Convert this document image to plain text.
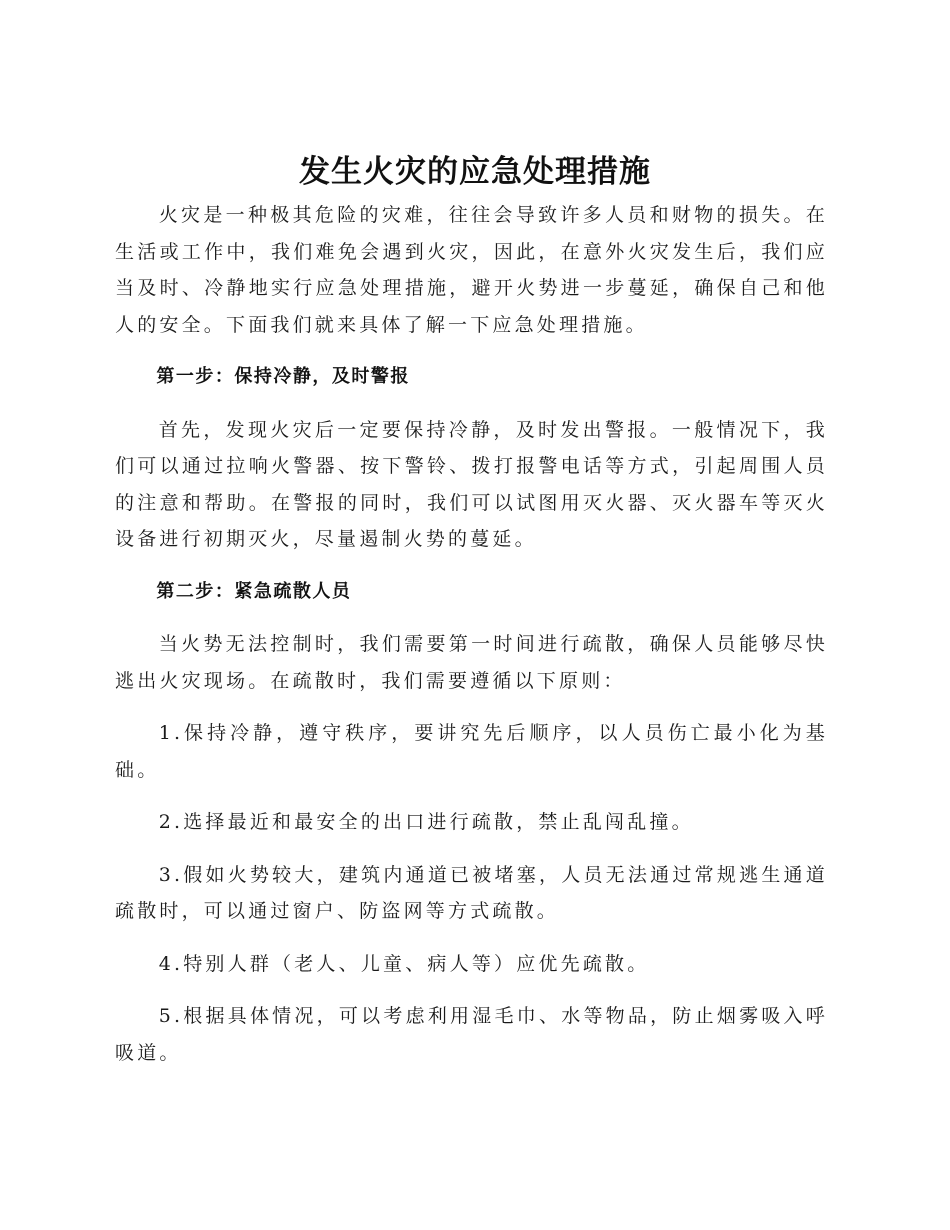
发生火灾的应急处理措施

火灾是一种极其危险的灾难，往往会导致许多人员和财物的损失。在生活或工作中，我们难免会遇到火灾，因此，在意外火灾发生后，我们应当及时、冷静地实行应急处理措施，避开火势进一步蔓延，确保自己和他人的安全。下面我们就来具体了解一下应急处理措施。

第一步：保持冷静，及时警报

首先，发现火灾后一定要保持冷静，及时发出警报。一般情况下，我们可以通过拉响火警器、按下警铃、拨打报警电话等方式，引起周围人员的注意和帮助。在警报的同时，我们可以试图用灭火器、灭火器车等灭火设备进行初期灭火，尽量遏制火势的蔓延。

第二步：紧急疏散人员

当火势无法控制时，我们需要第一时间进行疏散，确保人员能够尽快逃出火灾现场。在疏散时，我们需要遵循以下原则：

1.保持冷静，遵守秩序，要讲究先后顺序，以人员伤亡最小化为基础。

2.选择最近和最安全的出口进行疏散，禁止乱闯乱撞。

3.假如火势较大，建筑内通道已被堵塞，人员无法通过常规逃生通道疏散时，可以通过窗户、防盗网等方式疏散。

4.特别人群（老人、儿童、病人等）应优先疏散。

5.根据具体情况，可以考虑利用湿毛巾、水等物品，防止烟雾吸入呼吸道。
